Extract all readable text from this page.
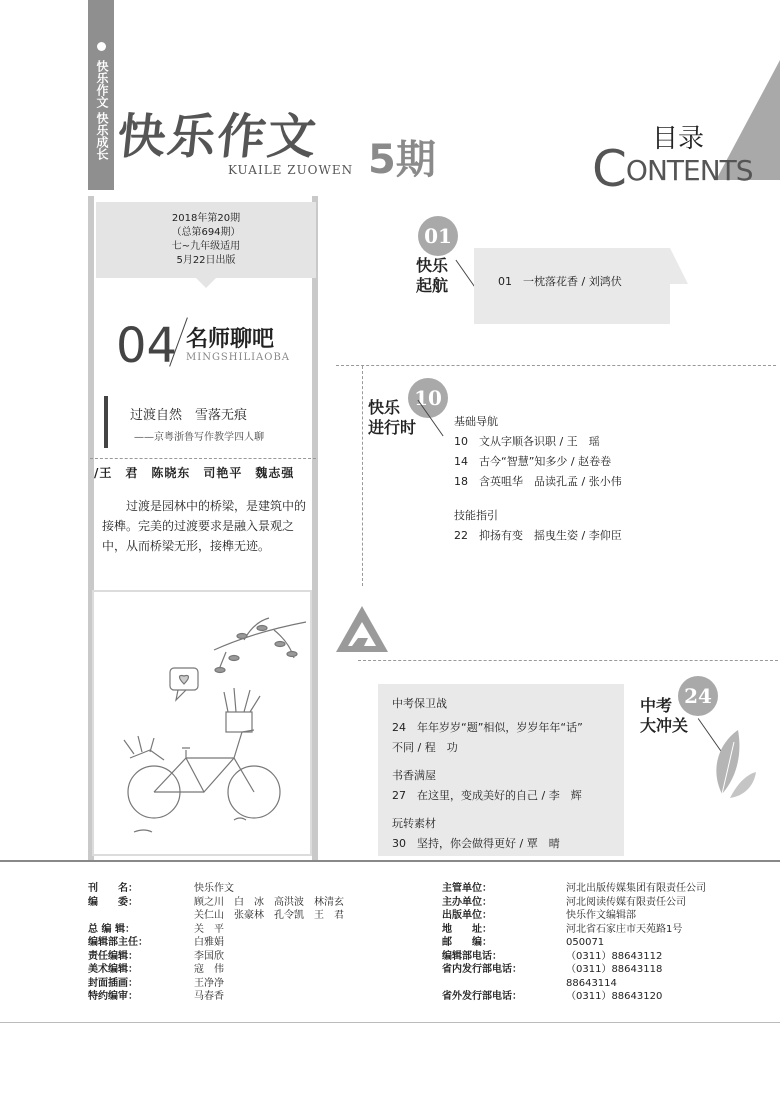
快乐作文 快乐成长 快乐作文
KUAILE ZUOWEN 5期	目录
CONTENTS
2018年第20期
（总第694期）
七~九年级适用
5月22日出版
04 名师聊吧
MINGSHILIAOBA
过渡自然　雪落无痕
——京粤浙鲁写作教学四人聊
/王　君　陈晓东　司艳平　魏志强
过渡是园林中的桥梁，是建筑中的接榫。完美的过渡要求是融入景观之中，从而桥梁无形，接榫无迹。
01
快乐
起航	01　一枕落花香 / 刘鸿伏
10
快乐
进行时	基础导航
10　文从字顺各识职 / 王　瑶
14　古今“智慧”知多少 / 赵卷卷
18　含英咀华　品读孔孟 / 张小伟
技能指引
22　抑扬有变　摇曳生姿 / 李仰臣
中考保卫战
24　年年岁岁“题”相似，岁岁年年“话”
不同 / 程　功
书香满屋
27　在这里，变成美好的自己 / 李　辉
玩转素材
30　坚持，你会做得更好 / 覃　晴
24
中考
大冲关
刊　　名：	快乐作文
编　　委：	顾之川　白　冰　高洪波　林清玄
关仁山　张豪林　孔令凯　王　君
总 编 辑：	关　平
编辑部主任：	白雅娟
责任编辑：	李国欣
美术编辑：	寇　伟
封面插画：	王净净
特约编审：	马春香
主管单位：	河北出版传媒集团有限责任公司
主办单位：	河北阅读传媒有限责任公司
出版单位：	快乐作文编辑部
地　　址：	河北省石家庄市天苑路1号
邮　　编：	050071
编辑部电话：	（0311）88643112
省内发行部电话：	（0311）88643118
88643114
省外发行部电话：	（0311）88643120
